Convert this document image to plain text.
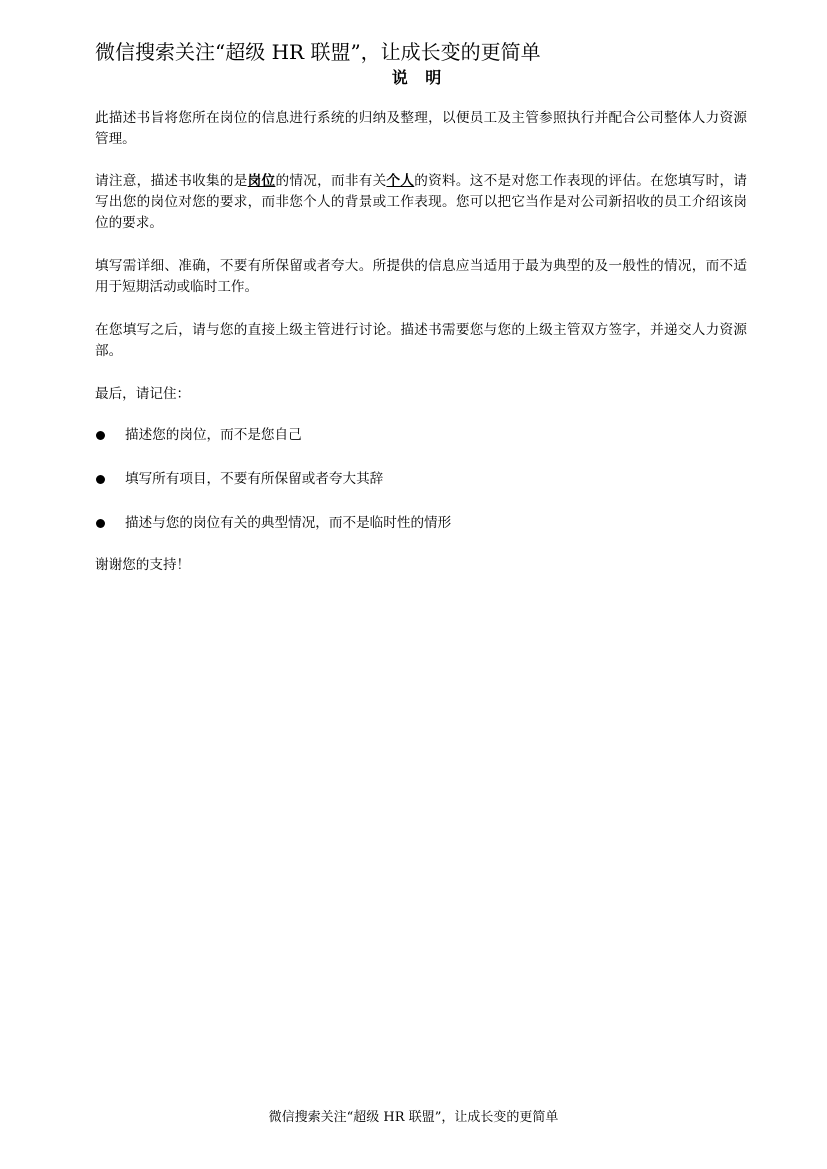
微信搜索关注“超级 HR 联盟”，让成长变的更简单
说 明

此描述书旨将您所在岗位的信息进行系统的归纳及整理，以便员工及主管参照执行并配合公司整体人力资源管理。

请注意，描述书收集的是岗位的情况，而非有关个人的资料。这不是对您工作表现的评估。在您填写时，请写出您的岗位对您的要求，而非您个人的背景或工作表现。您可以把它当作是对公司新招收的员工介绍该岗位的要求。

填写需详细、准确，不要有所保留或者夸大。所提供的信息应当适用于最为典型的及一般性的情况，而不适用于短期活动或临时工作。

在您填写之后，请与您的直接上级主管进行讨论。描述书需要您与您的上级主管双方签字，并递交人力资源部。

最后，请记住：

描述您的岗位，而不是您自己
填写所有项目，不要有所保留或者夸大其辞
描述与您的岗位有关的典型情况，而不是临时性的情形

谢谢您的支持！

微信搜索关注“超级 HR 联盟”，让成长变的更简单
